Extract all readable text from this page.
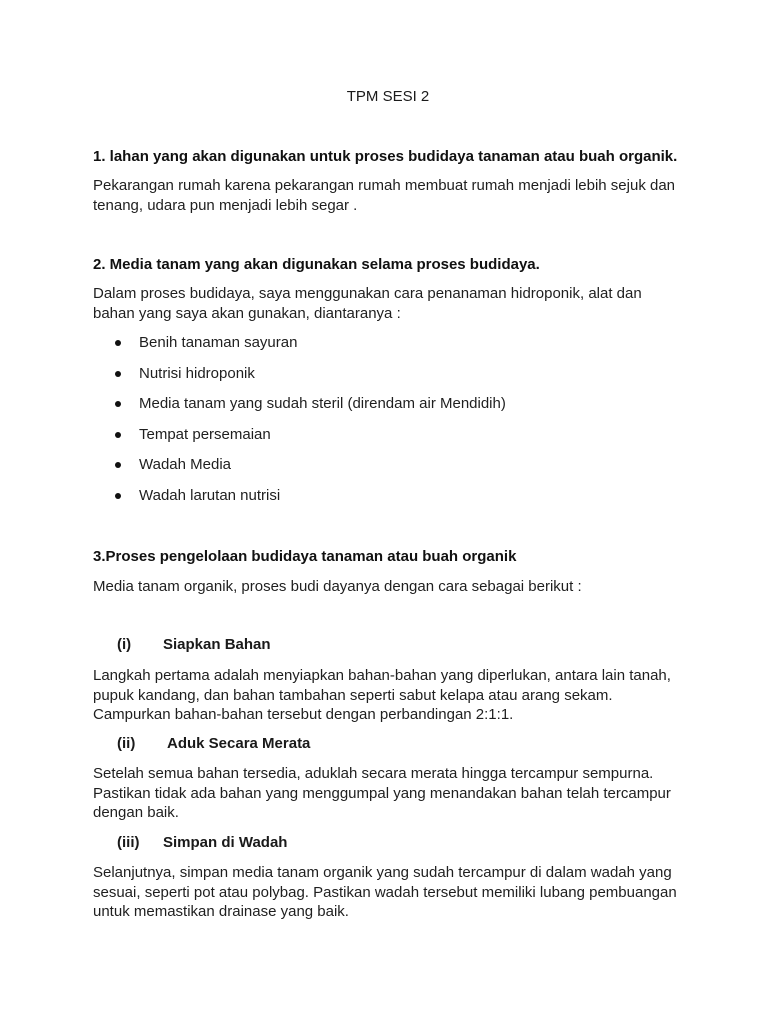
TPM SESI 2
1. lahan yang akan digunakan untuk proses budidaya tanaman atau buah organik.
Pekarangan rumah karena pekarangan rumah membuat rumah menjadi lebih sejuk dan tenang, udara pun menjadi lebih segar .
2. Media tanam yang akan digunakan selama proses budidaya.
Dalam proses budidaya, saya menggunakan cara penanaman hidroponik, alat dan bahan yang saya akan gunakan, diantaranya :
Benih tanaman sayuran
Nutrisi hidroponik
Media tanam yang sudah steril (direndam air Mendidih)
Tempat persemaian
Wadah Media
Wadah larutan nutrisi
3.Proses pengelolaan budidaya tanaman atau buah organik
Media tanam organik, proses budi dayanya dengan cara sebagai berikut :
(i) Siapkan Bahan
Langkah pertama adalah menyiapkan bahan-bahan yang diperlukan, antara lain tanah, pupuk kandang, dan bahan tambahan seperti sabut kelapa atau arang sekam. Campurkan bahan-bahan tersebut dengan perbandingan 2:1:1.
(ii) Aduk Secara Merata
Setelah semua bahan tersedia, aduklah secara merata hingga tercampur sempurna. Pastikan tidak ada bahan yang menggumpal yang menandakan bahan telah tercampur dengan baik.
(iii) Simpan di Wadah
Selanjutnya, simpan media tanam organik yang sudah tercampur di dalam wadah yang sesuai, seperti pot atau polybag. Pastikan wadah tersebut memiliki lubang pembuangan untuk memastikan drainase yang baik.
